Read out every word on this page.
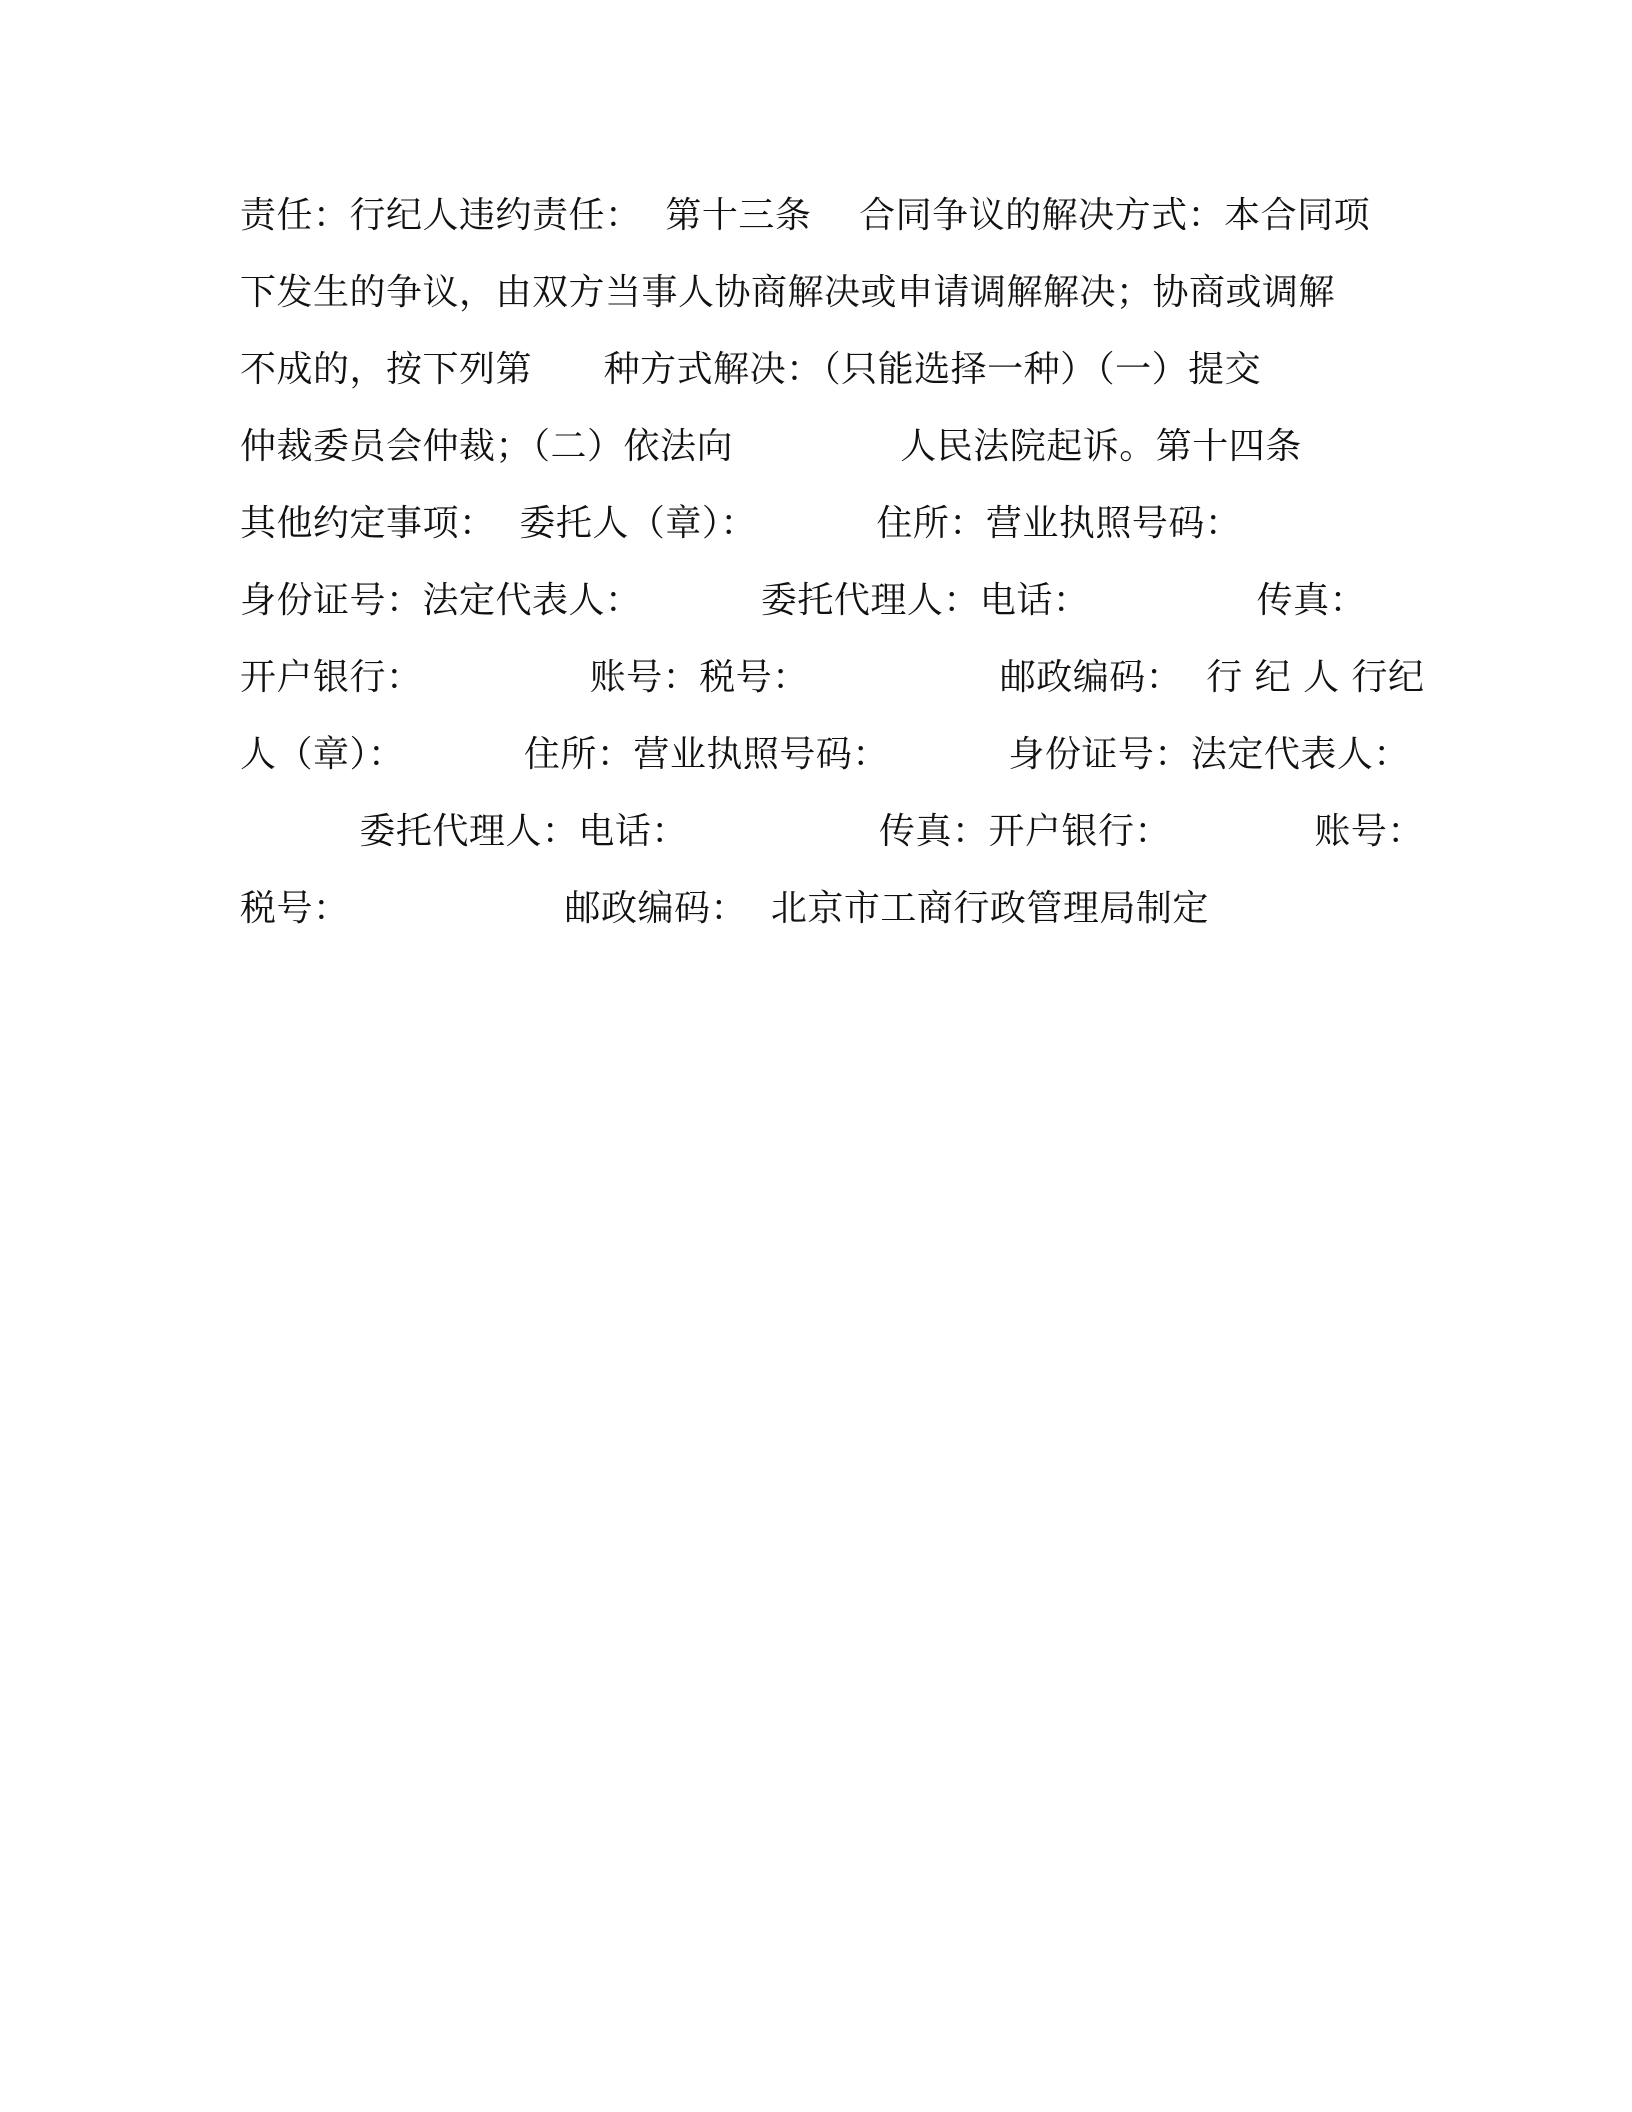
责任：行纪人违约责任：  第十三条    合同争议的解决方式：本合同项
下发生的争议，由双方当事人协商解决或申请调解解决；协商或调解
不成的，按下列第      种方式解决：（只能选择一种）（一）提交
仲裁委员会仲裁；（二）依法向              人民法院起诉。第十四条
其他约定事项：  委托人（章）：          住所：营业执照号码：
身份证号：法定代表人：          委托代理人：电话：              传真：
开户银行：              账号：税号：                邮政编码：  行 纪 人 行纪
人（章）：          住所：营业执照号码：          身份证号：法定代表人：
委托代理人：电话：                传真：开户银行：            账号：
税号：                  邮政编码：  北京市工商行政管理局制定
